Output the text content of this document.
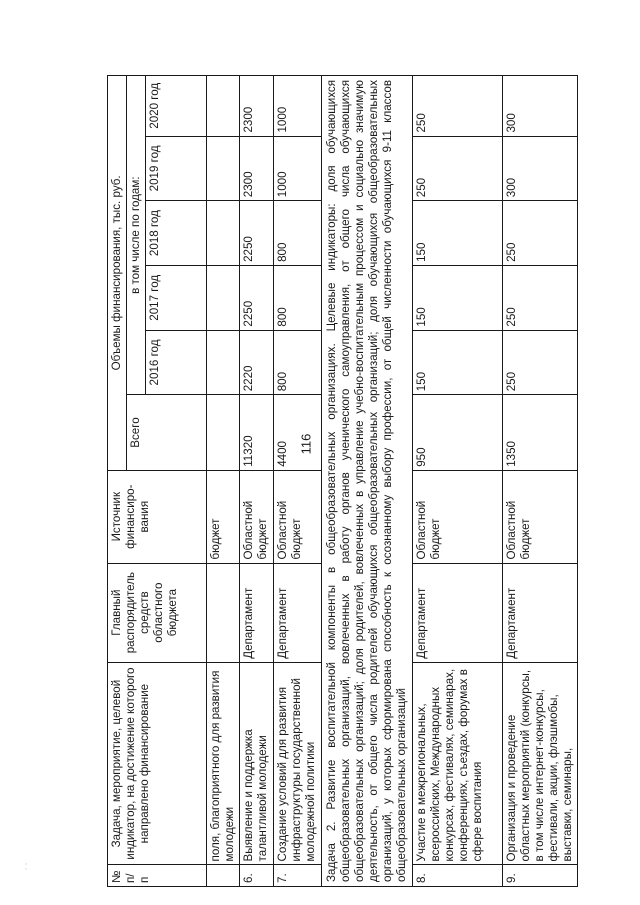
116
· ·
№ п/п	Задача, мероприятие, целевой индикатор, на достижение которого направлено финансирование	Главный распорядитель средств областного бюджета	Источник финансиро-вания	Объемы финансирования, тыс. руб.					
				Всего	в том числе по годам:				
					2016 год	2017 год	2018 год	2019 год	2020 год
	поля, благоприятного для развития молодежи		бюджет						
6.	Выявление и поддержка талантливой молодежи	Департамент	Областной бюджет	11320	2220	2250	2250	2300	2300
7.	Создание условий для развития инфраструктуры государственной молодежной политики	Департамент	Областной бюджет	4400	800	800	800	1000	1000
Задача 2. Развитие воспитательной компоненты в общеобразовательных организациях. Целевые индикаторы: доля обучающихся общеобразовательных организаций, вовлеченных в работу органов ученического самоуправления, от общего числа обучающихся общеобразовательных организаций; доля родителей, вовлеченных в управление учебно-воспитательным процессом и социально значимую деятельность, от общего числа родителей обучающихся общеобразовательных организаций; доля обучающихся общеобразовательных организаций, у которых сформирована способность к осознанному выбору профессии, от общей численности обучающихся 9-11 классов общеобразовательных организаций									
8.	Участие в межрегиональных, всероссийских, Международных конкурсах, фестивалях, семинарах, конференциях, съездах, форумах в сфере воспитания	Департамент	Областной бюджет	950	150	150	150	250	250
9.	Организация и проведение областных мероприятий (конкурсы, в том числе интернет-конкурсы, фестивали, акции, флэшмобы, выставки, семинары,	Департамент	Областной бюджет	1350	250	250	250	300	300
